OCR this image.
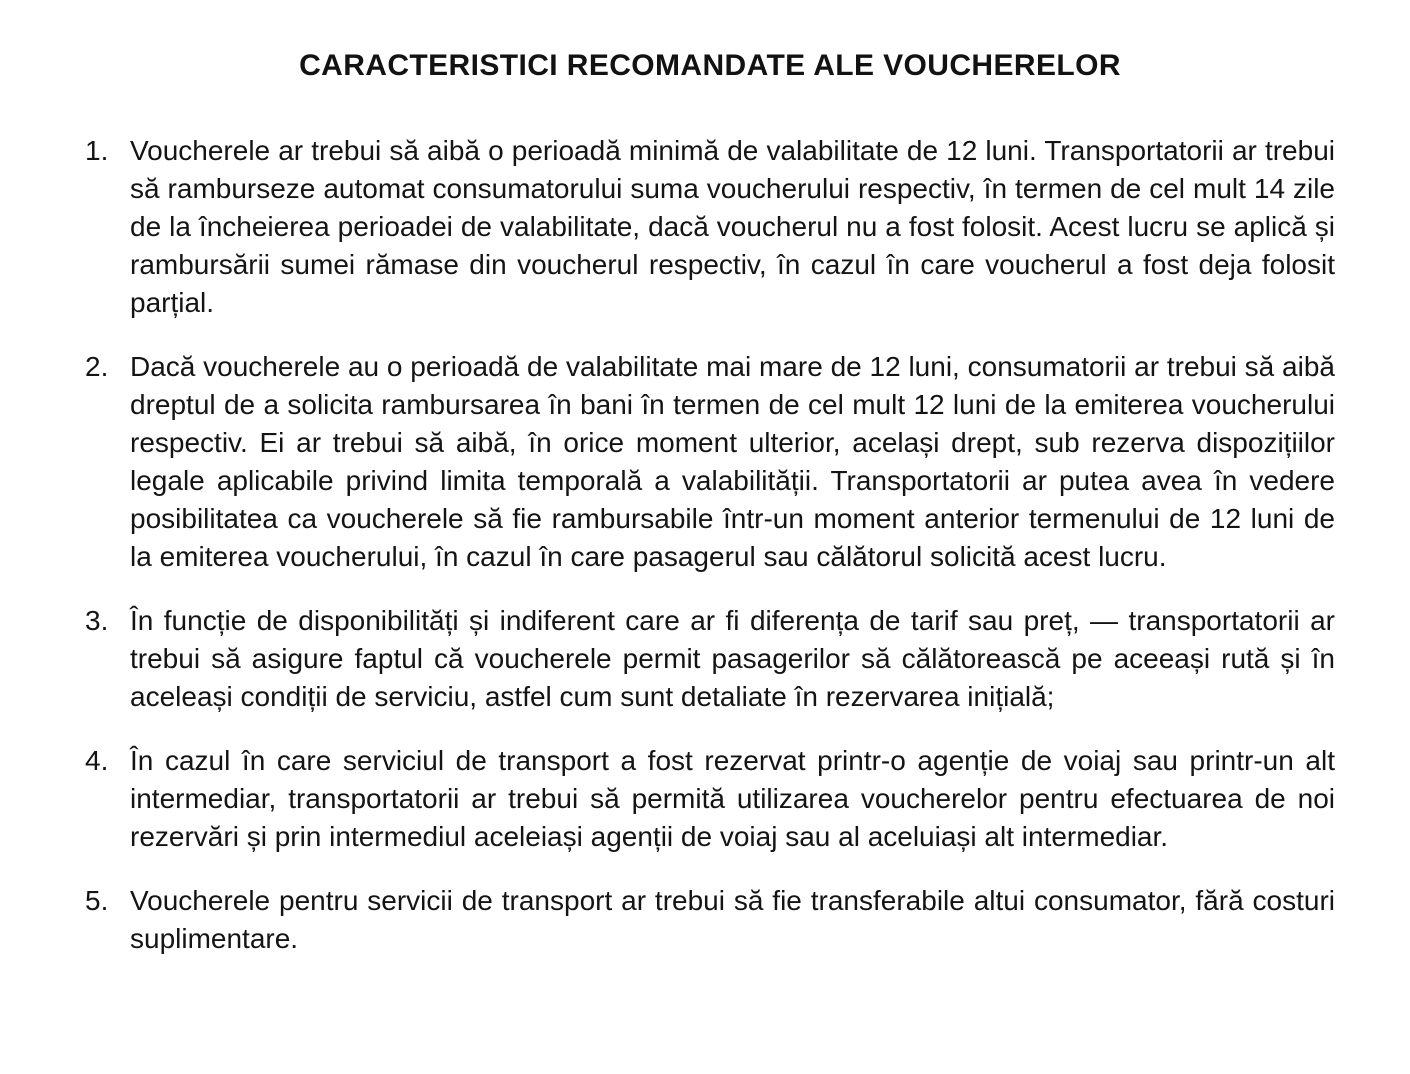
CARACTERISTICI RECOMANDATE ALE VOUCHERELOR
1. Voucherele ar trebui să aibă o perioadă minimă de valabilitate de 12 luni. Transportatorii ar trebui să ramburseze automat consumatorului suma voucherului respectiv, în termen de cel mult 14 zile de la încheierea perioadei de valabilitate, dacă voucherul nu a fost folosit. Acest lucru se aplică și rambursării sumei rămase din voucherul respectiv, în cazul în care voucherul a fost deja folosit parțial.

2. Dacă voucherele au o perioadă de valabilitate mai mare de 12 luni, consumatorii ar trebui să aibă dreptul de a solicita rambursarea în bani în termen de cel mult 12 luni de la emiterea voucherului respectiv. Ei ar trebui să aibă, în orice moment ulterior, același drept, sub rezerva dispozițiilor legale aplicabile privind limita temporală a valabilității. Transportatorii ar putea avea în vedere posibilitatea ca voucherele să fie rambursabile într-un moment anterior termenului de 12 luni de la emiterea voucherului, în cazul în care pasagerul sau călătorul solicită acest lucru.

3. În funcție de disponibilități și indiferent care ar fi diferența de tarif sau preț, — transportatorii ar trebui să asigure faptul că voucherele permit pasagerilor să călătorească pe aceeași rută și în aceleași condiții de serviciu, astfel cum sunt detaliate în rezervarea inițială;

4. În cazul în care serviciul de transport a fost rezervat printr-o agenție de voiaj sau printr-un alt intermediar, transportatorii ar trebui să permită utilizarea voucherelor pentru efectuarea de noi rezervări și prin intermediul aceleiași agenții de voiaj sau al aceluiași alt intermediar.

5. Voucherele pentru servicii de transport ar trebui să fie transferabile altui consumator, fără costuri suplimentare.
